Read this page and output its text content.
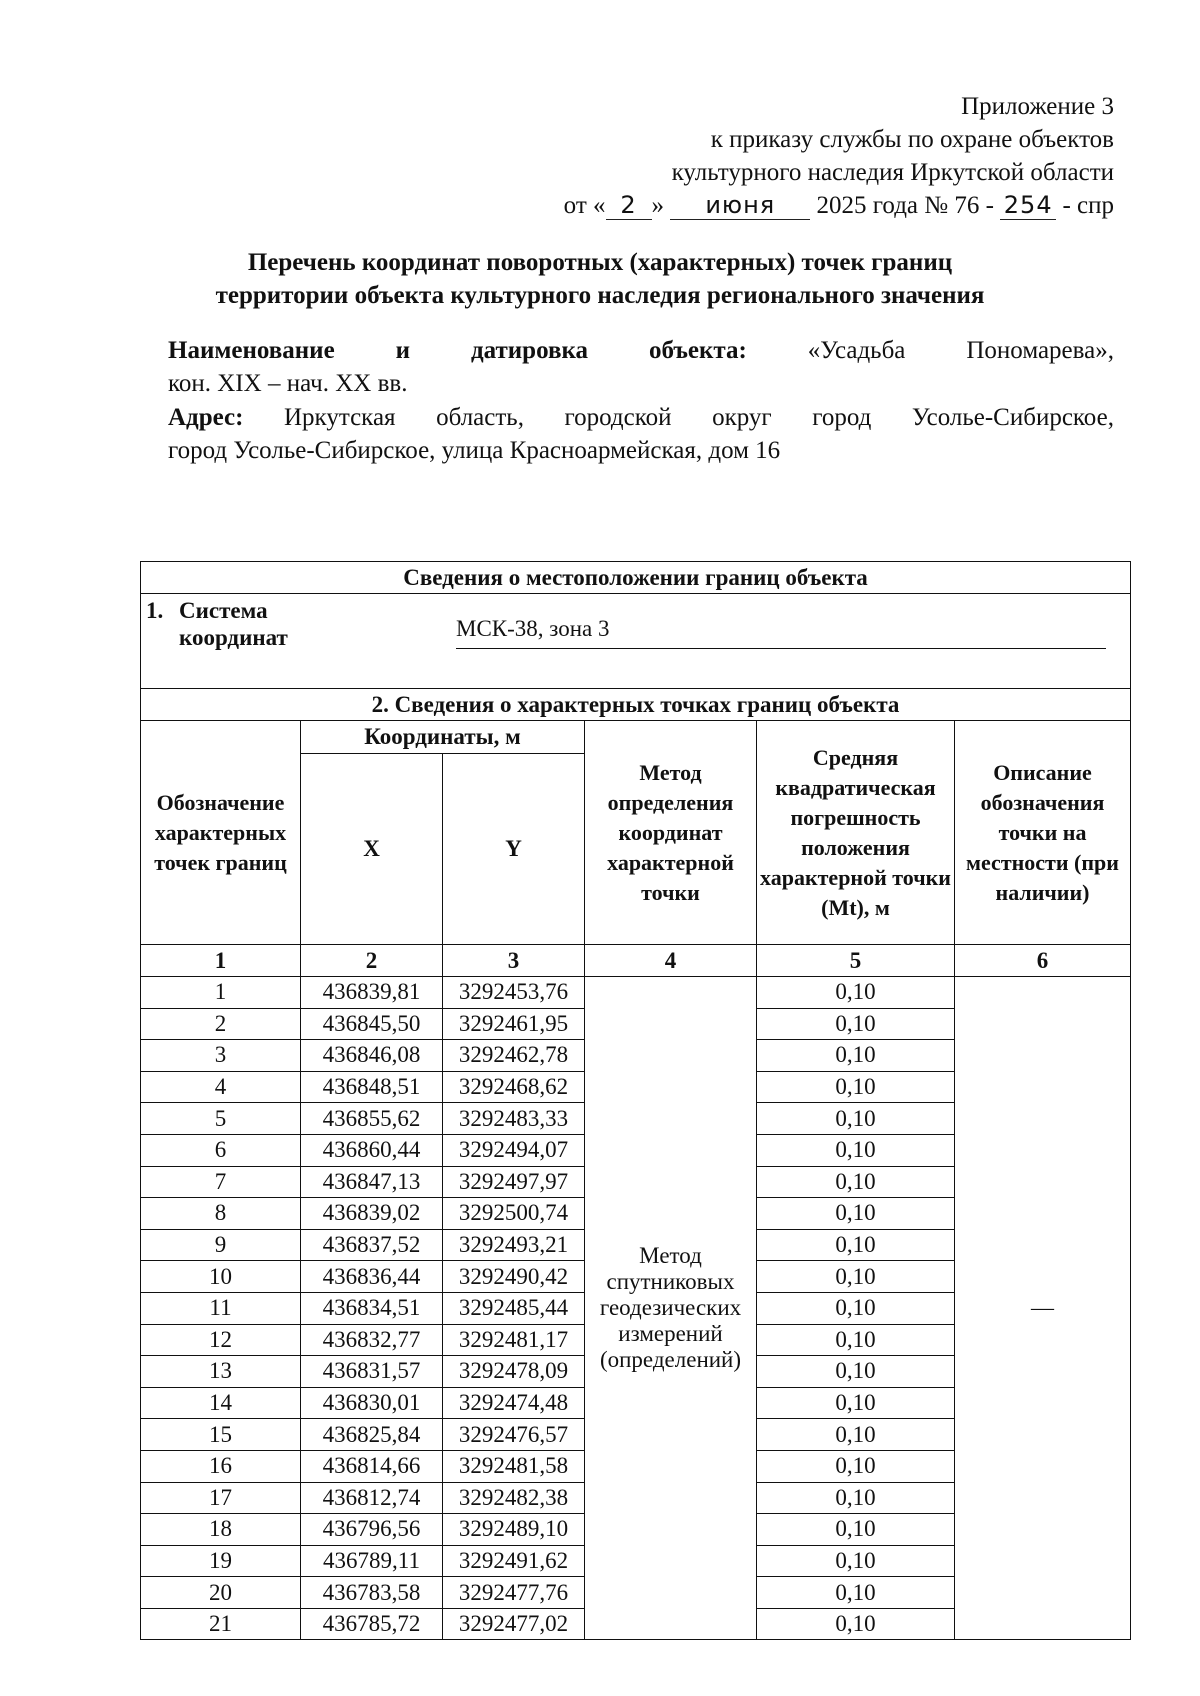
Приложение 3
к приказу службы по охране объектов
культурного наследия Иркутской области
от « 2 » июня 2025 года № 76 - 254 - спр
Перечень координат поворотных (характерных) точек границ
территории объекта культурного наследия регионального значения
Наименование и датировка объекта: «Усадьба Пономарева»,
кон. XIX – нач. XX вв.
Адрес: Иркутская область, городской округ город Усолье-Сибирское,
город Усолье-Сибирское, улица Красноармейская, дом 16
Сведения о местоположении границ объекта					

1. Система координат МСК-38, зона 3					

2. Сведения о характерных точках границ объекта					
Обозначение характерных точек границ	Координаты, м		Метод определения координат характерной точки	Средняя квадратическая погрешность положения характерной точки (Mt), м	Описание обозначения точки на местности (при наличии)
	X	Y			
1	2	3	4	5	6
1	436839,81	3292453,76	Метод спутниковых геодезических измерений (определений)	0,10	—
2	436845,50	3292461,95		0,10	
3	436846,08	3292462,78		0,10	
4	436848,51	3292468,62		0,10	
5	436855,62	3292483,33		0,10	
6	436860,44	3292494,07		0,10	
7	436847,13	3292497,97		0,10	
8	436839,02	3292500,74		0,10	
9	436837,52	3292493,21		0,10	
10	436836,44	3292490,42		0,10	
11	436834,51	3292485,44		0,10	
12	436832,77	3292481,17		0,10	
13	436831,57	3292478,09		0,10	
14	436830,01	3292474,48		0,10	
15	436825,84	3292476,57		0,10	
16	436814,66	3292481,58		0,10	
17	436812,74	3292482,38		0,10	
18	436796,56	3292489,10		0,10	
19	436789,11	3292491,62		0,10	
20	436783,58	3292477,76		0,10	
21	436785,72	3292477,02		0,10	
